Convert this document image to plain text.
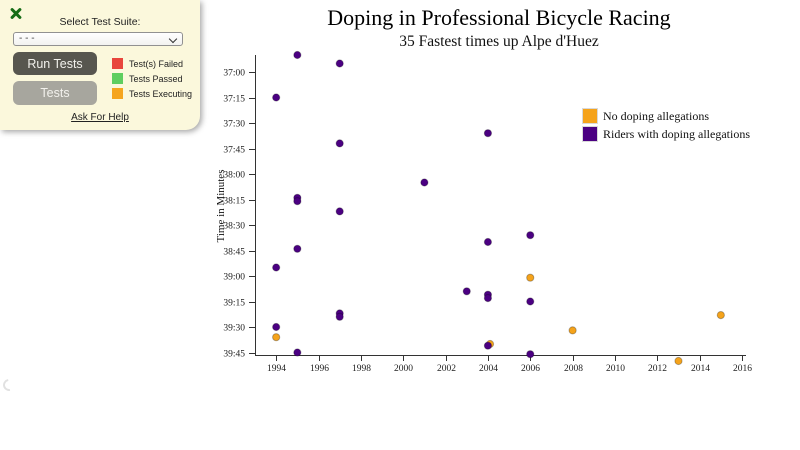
37:00
37:15
37:30
37:45
38:00
38:15
38:30
38:45
39:00
39:15
39:30
39:45
1994	1996 1998 2000	2002 2004 2006	2008 2010 2012	2014 2016
Time in Minutes
Doping in Professional Bicycle Racing
35 Fastest times up Alpe d'Huez
No doping allegations
Riders with doping allegations
Select Test Suite:
- - -
Run Tests
Tests
Test(s) Failed
Tests Passed
Tests Executing
Ask For Help
